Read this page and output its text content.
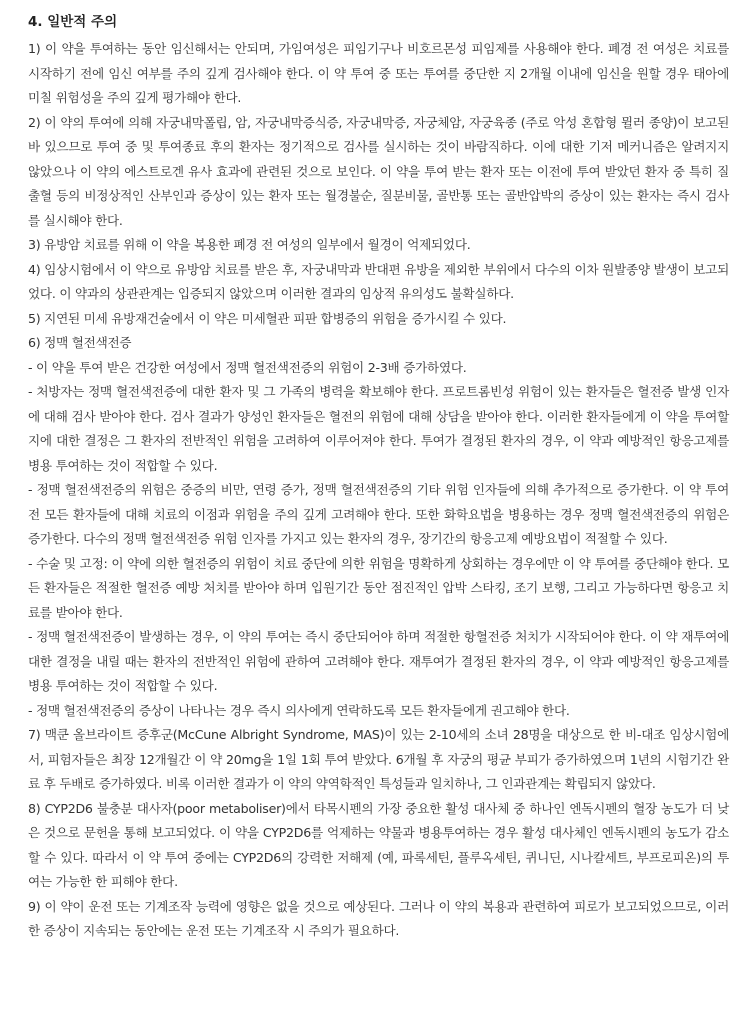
4. 일반적 주의

1) 이 약을 투여하는 동안 임신해서는 안되며, 가임여성은 피임기구나 비호르몬성 피임제를 사용해야 한다. 폐경 전 여성은 치료를 시작하기 전에 임신 여부를 주의 깊게 검사해야 한다. 이 약 투여 중 또는 투여를 중단한 지 2개월 이내에 임신을 원할 경우 태아에 미칠 위험성을 주의 깊게 평가해야 한다.

2) 이 약의 투여에 의해 자궁내막폴립, 암, 자궁내막증식증, 자궁내막증, 자궁체암, 자궁육종 (주로 악성 혼합형 뮐러 종양)이 보고된 바 있으므로 투여 중 및 투여종료 후의 환자는 정기적으로 검사를 실시하는 것이 바람직하다. 이에 대한 기저 메커니즘은 알려지지 않았으나 이 약의 에스트로겐 유사 효과에 관련된 것으로 보인다. 이 약을 투여 받는 환자 또는 이전에 투여 받았던 환자 중 특히 질출혈 등의 비정상적인 산부인과 증상이 있는 환자 또는 월경불순, 질분비물, 골반통 또는 골반압박의 증상이 있는 환자는 즉시 검사를 실시해야 한다.

3) 유방암 치료를 위해 이 약을 복용한 폐경 전 여성의 일부에서 월경이 억제되었다.

4) 임상시험에서 이 약으로 유방암 치료를 받은 후, 자궁내막과 반대편 유방을 제외한 부위에서 다수의 이차 원발종양 발생이 보고되었다. 이 약과의 상관관계는 입증되지 않았으며 이러한 결과의 임상적 유의성도 불확실하다.

5) 지연된 미세 유방재건술에서 이 약은 미세혈관 피판 합병증의 위험을 증가시킬 수 있다.

6) 정맥 혈전색전증

- 이 약을 투여 받은 건강한 여성에서 정맥 혈전색전증의 위험이 2-3배 증가하였다.

- 처방자는 정맥 혈전색전증에 대한 환자 및 그 가족의 병력을 확보해야 한다. 프로트롬빈성 위험이 있는 환자들은 혈전증 발생 인자에 대해 검사 받아야 한다. 검사 결과가 양성인 환자들은 혈전의 위험에 대해 상담을 받아야 한다. 이러한 환자들에게 이 약을 투여할 지에 대한 결정은 그 환자의 전반적인 위험을 고려하여 이루어져야 한다. 투여가 결정된 환자의 경우, 이 약과 예방적인 항응고제를 병용 투여하는 것이 적합할 수 있다.

- 정맥 혈전색전증의 위험은 중증의 비만, 연령 증가, 정맥 혈전색전증의 기타 위험 인자들에 의해 추가적으로 증가한다. 이 약 투여 전 모든 환자들에 대해 치료의 이점과 위험을 주의 깊게 고려해야 한다. 또한 화학요법을 병용하는 경우 정맥 혈전색전증의 위험은 증가한다. 다수의 정맥 혈전색전증 위험 인자를 가지고 있는 환자의 경우, 장기간의 항응고제 예방요법이 적절할 수 있다.

- 수술 및 고정: 이 약에 의한 혈전증의 위험이 치료 중단에 의한 위험을 명확하게 상회하는 경우에만 이 약 투여를 중단해야 한다. 모든 환자들은 적절한 혈전증 예방 처치를 받아야 하며 입원기간 동안 점진적인 압박 스타킹, 조기 보행, 그리고 가능하다면 항응고 치료를 받아야 한다.

- 정맥 혈전색전증이 발생하는 경우, 이 약의 투여는 즉시 중단되어야 하며 적절한 항혈전증 처치가 시작되어야 한다. 이 약 재투여에 대한 결정을 내릴 때는 환자의 전반적인 위험에 관하여 고려해야 한다. 재투여가 결정된 환자의 경우, 이 약과 예방적인 항응고제를 병용 투여하는 것이 적합할 수 있다.

- 정맥 혈전색전증의 증상이 나타나는 경우 즉시 의사에게 연락하도록 모든 환자들에게 권고해야 한다.

7) 맥쿤 올브라이트 증후군(McCune Albright Syndrome, MAS)이 있는 2-10세의 소녀 28명을 대상으로 한 비-대조 임상시험에서, 피험자들은 최장 12개월간 이 약 20mg을 1일 1회 투여 받았다. 6개월 후 자궁의 평균 부피가 증가하였으며 1년의 시험기간 완료 후 두배로 증가하였다. 비록 이러한 결과가 이 약의 약역학적인 특성들과 일치하나, 그 인과관계는 확립되지 않았다.

8) CYP2D6 불충분 대사자(poor metaboliser)에서 타목시펜의 가장 중요한 활성 대사체 중 하나인 엔독시펜의 혈장 농도가 더 낮은 것으로 문헌을 통해 보고되었다. 이 약을 CYP2D6를 억제하는 약물과 병용투여하는 경우 활성 대사체인 엔독시펜의 농도가 감소할 수 있다. 따라서 이 약 투여 중에는 CYP2D6의 강력한 저해제 (예, 파록세틴, 플루옥세틴, 퀴니딘, 시나칼세트, 부프로피온)의 투여는 가능한 한 피해야 한다.

9) 이 약이 운전 또는 기계조작 능력에 영향은 없을 것으로 예상된다. 그러나 이 약의 복용과 관련하여 피로가 보고되었으므로, 이러한 증상이 지속되는 동안에는 운전 또는 기계조작 시 주의가 필요하다.
